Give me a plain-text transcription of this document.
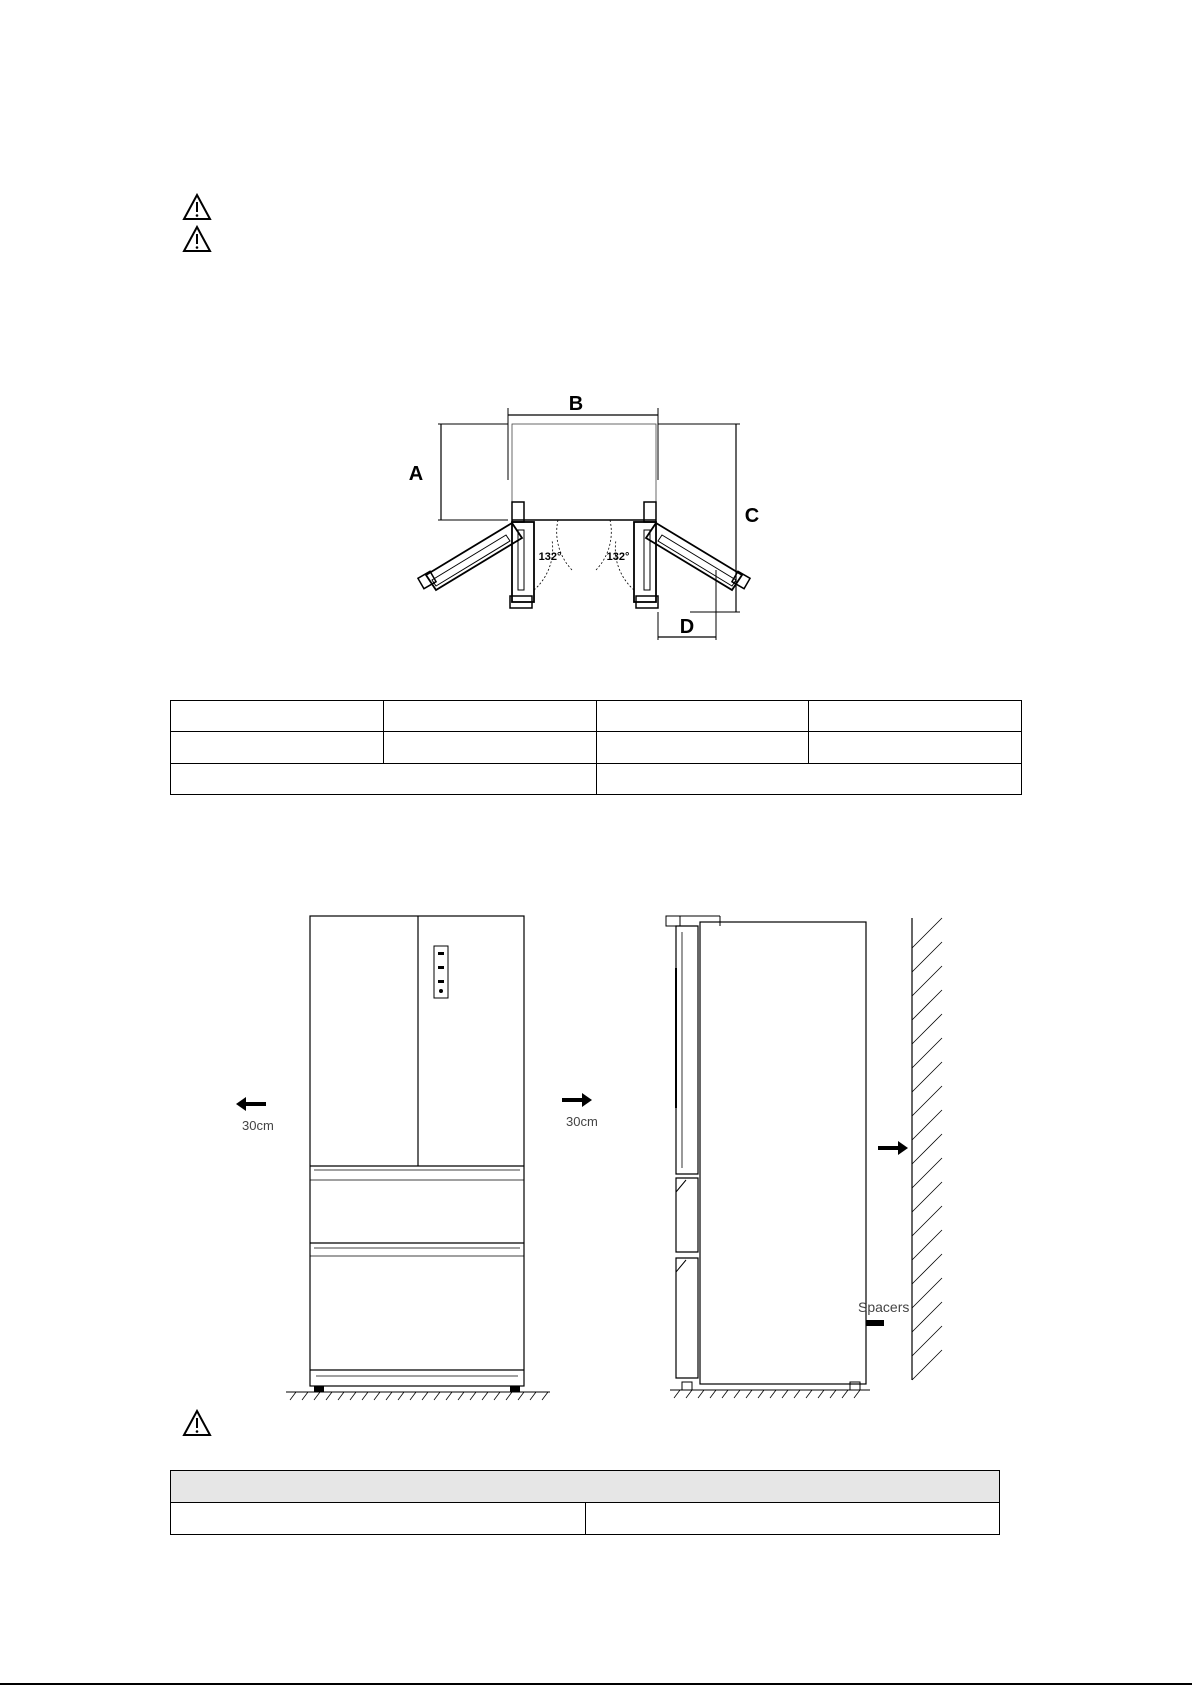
B
A
C
D
132°	132°

30cm	30cm
Spacers
